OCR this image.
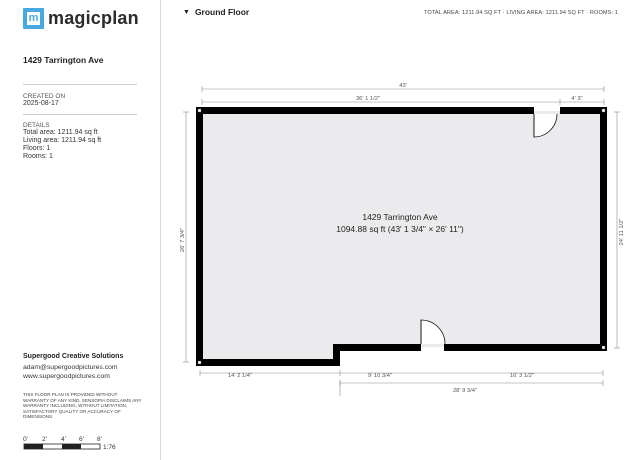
m magicplan
1429 Tarrington Ave
CREATED ON
2025-08-17
DETAILS
Total area: 1211.94 sq ft
Living area: 1211.94 sq ft
Floors: 1
Rooms: 1
Supergood Creative Solutions
adam@supergoodpictures.com
www.supergoodpictures.com
THIS FLOOR PLAN IS PROVIDED WITHOUT WARRANTY OF ANY KIND. SENSOPIA DISCLAIMS ANY WARRANTY INCLUDING, WITHOUT LIMITATION, SATISFACTORY QUALITY OR ACCURACY OF DIMENSIONS.
0' 2' 4' 6' 8'
1:76
▼ Ground Floor	TOTAL AREA: 1211.94 SQ FT · LIVING AREA: 1211.94 SQ FT · ROOMS: 1
1429 Tarrington Ave
1094.88 sq ft (43' 1 3/4" × 26' 11")
43'
36' 1 1/2"	4' 3"
26' 7 3/4"	24' 11 1/2"
14' 2 1/4"	9' 10 3/4"	16' 3 1/2"
28' 9 3/4"
